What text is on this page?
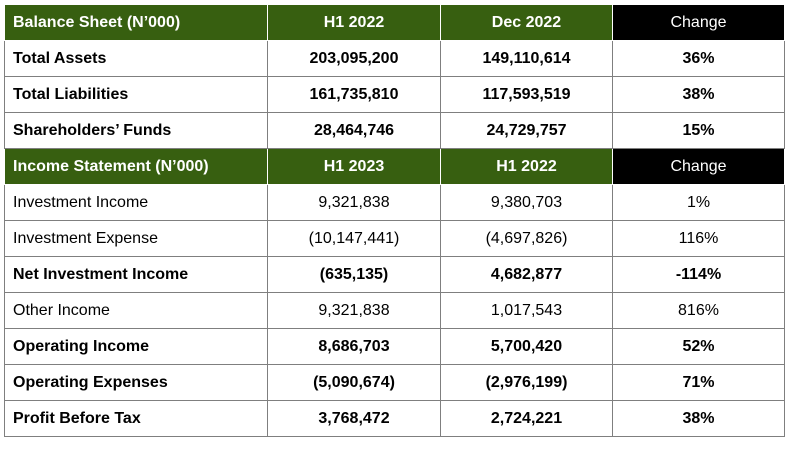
Balance Sheet (N’000)	H1 2022	Dec 2022	Change
Total Assets	203,095,200	149,110,614	36%
Total Liabilities	161,735,810	117,593,519	38%
Shareholders’ Funds	28,464,746	24,729,757	15%
Income Statement (N’000)	H1 2023	H1 2022	Change
Investment Income	9,321,838	9,380,703	1%
Investment Expense	(10,147,441)	(4,697,826)	116%
Net Investment Income	(635,135)	4,682,877	-114%
Other Income	9,321,838	1,017,543	816%
Operating Income	8,686,703	5,700,420	52%
Operating Expenses	(5,090,674)	(2,976,199)	71%
Profit Before Tax	3,768,472	2,724,221	38%
